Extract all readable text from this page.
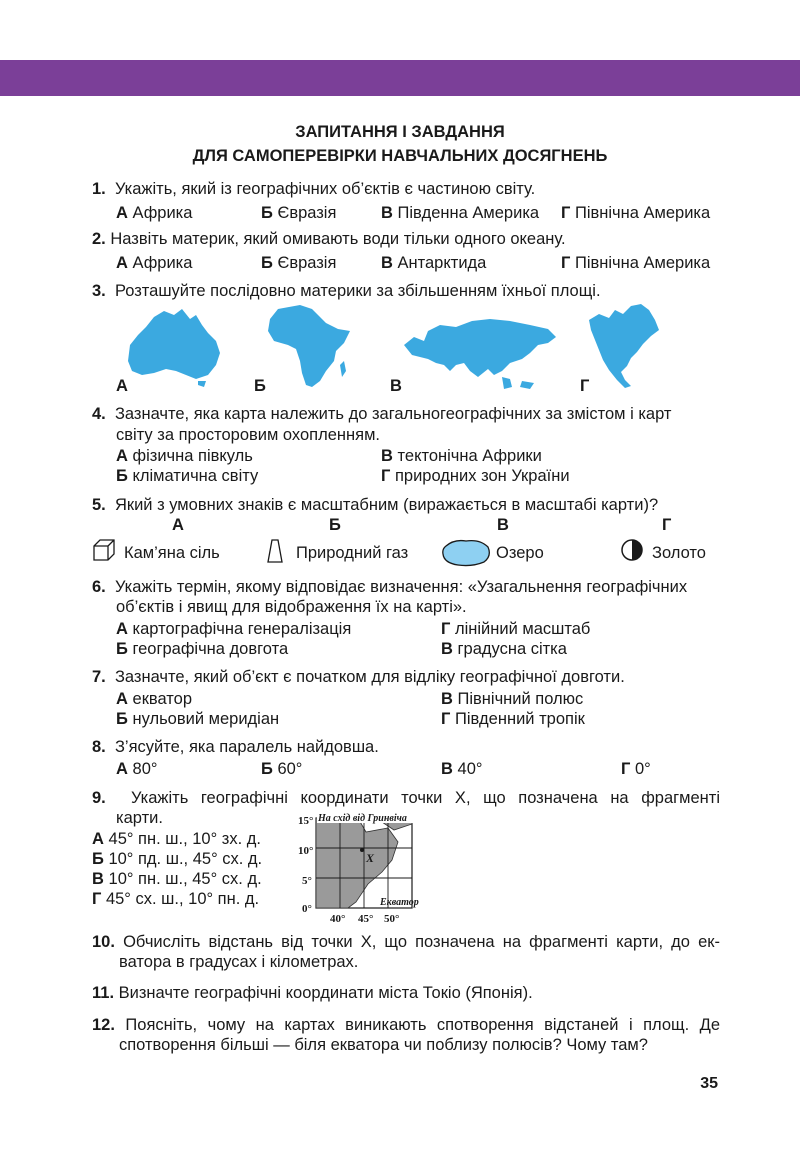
ЗАПИТАННЯ І ЗАВДАННЯ
ДЛЯ САМОПЕРЕВІРКИ НАВЧАЛЬНИХ ДОСЯГНЕНЬ
1. Укажіть, який із географічних об’єктів є частиною світу.
А Африка	Б Євразія	В Південна Америка Г Північна Америка
2. Назвіть материк, який омивають води тільки одного океану.
А Африка	Б Євразія	В Антарктида	Г Північна Америка
3. Розташуйте послідовно материки за збільшенням їхньої площі.
А	Б	В	Г
4. Зазначте, яка карта належить до загальногеографічних за змістом і карт
світу за просторовим охопленням.
А фізична півкуль	В тектонічна Африки
Б кліматична світу	Г природних зон України
5. Який з умовних знаків є масштабним (виражається в масштабі карти)?
А	Б	В	Г
Кам’яна сіль	Природний газ	Озеро	Золото
6. Укажіть термін, якому відповідає визначення: «Узагальнення географічних
об’єктів і явищ для відображення їх на карті».
А картографічна генералізація	Г лінійний масштаб
Б географічна довгота	В градусна сітка
7. Зазначте, який об’єкт є початком для відліку географічної довготи.
А екватор	В Північний полюс
Б нульовий меридіан	Г Південний тропік
8. З’ясуйте, яка паралель найдовша.
А 80°	Б 60°	В 40°	Г 0°
9. Укажіть географічні координати точки Х, що позначена на фрагменті
карти.
А 45° пн. ш., 10° зх. д.
Б 10° пд. ш., 45° сх. д.
В 10° пн. ш., 45° сх. д.
Г 45° сх. ш., 10° пн. д.
X
На схід від Гринвіча
Екватор
15°
10°
5°
0°
40° 45° 50°
10. Обчисліть відстань від точки Х, що позначена на фрагменті карти, до ек-
ватора в градусах і кілометрах.
11. Визначте географічні координати міста Токіо (Японія).
12. Поясніть, чому на картах виникають спотворення відстаней і площ. Де
спотворення більші — біля екватора чи поблизу полюсів? Чому там?
35
